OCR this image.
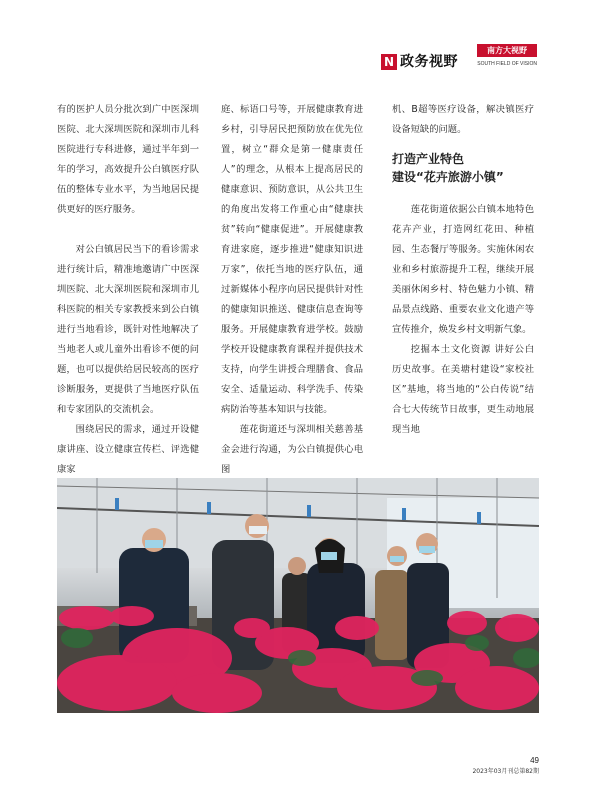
N 政务视野
南方大视野
SOUTH FIELD OF VISION

有的医护人员分批次到广中医深圳医院、北大深圳医院和深圳市儿科医院进行专科进修，通过半年到一年的学习，高效提升公白镇医疗队伍的整体专业水平，为当地居民提供更好的医疗服务。

对公白镇居民当下的看诊需求进行统计后，精准地邀请广中医深圳医院、北大深圳医院和深圳市儿科医院的相关专家教授来到公白镇进行当地看诊，既针对性地解决了当地老人或儿童外出看诊不便的问题，也可以提供给居民较高的医疗诊断服务，更提供了当地医疗队伍和专家团队的交流机会。

围绕居民的需求，通过开设健康讲座、设立健康宣传栏、评选健康家

庭、标语口号等，开展健康教育进乡村，引导居民把预防放在优先位置，树立“群众是第一健康责任人”的理念，从根本上提高居民的健康意识、预防意识，从公共卫生的角度出发将工作重心由“健康扶贫”转向“健康促进”。开展健康教育进家庭，逐步推进“健康知识进万家”，依托当地的医疗队伍，通过新媒体小程序向居民提供针对性的健康知识推送、健康信息查询等服务。开展健康教育进学校。鼓励学校开设健康教育课程并提供技术支持，向学生讲授合理膳食、食品安全、适量运动、科学洗手、传染病防治等基本知识与技能。

莲花街道还与深圳相关慈善基金会进行沟通，为公白镇提供心电图

机、B超等医疗设备，解决镇医疗设备短缺的问题。

打造产业特色
建设“花卉旅游小镇”

莲花街道依据公白镇本地特色花卉产业，打造网红花田、种植园、生态餐厅等服务。实施休闲农业和乡村旅游提升工程，继续开展美丽休闲乡村、特色魅力小镇、精品景点线路、重要农业文化遗产等宣传推介，焕发乡村文明新气象。

挖掘本土文化资源 讲好公白历史故事。在美塘村建设“家校社区”基地，将当地的“公白传说”结合七大传统节日故事，更生动地展现当地

49
2023年03月刊总第82期
